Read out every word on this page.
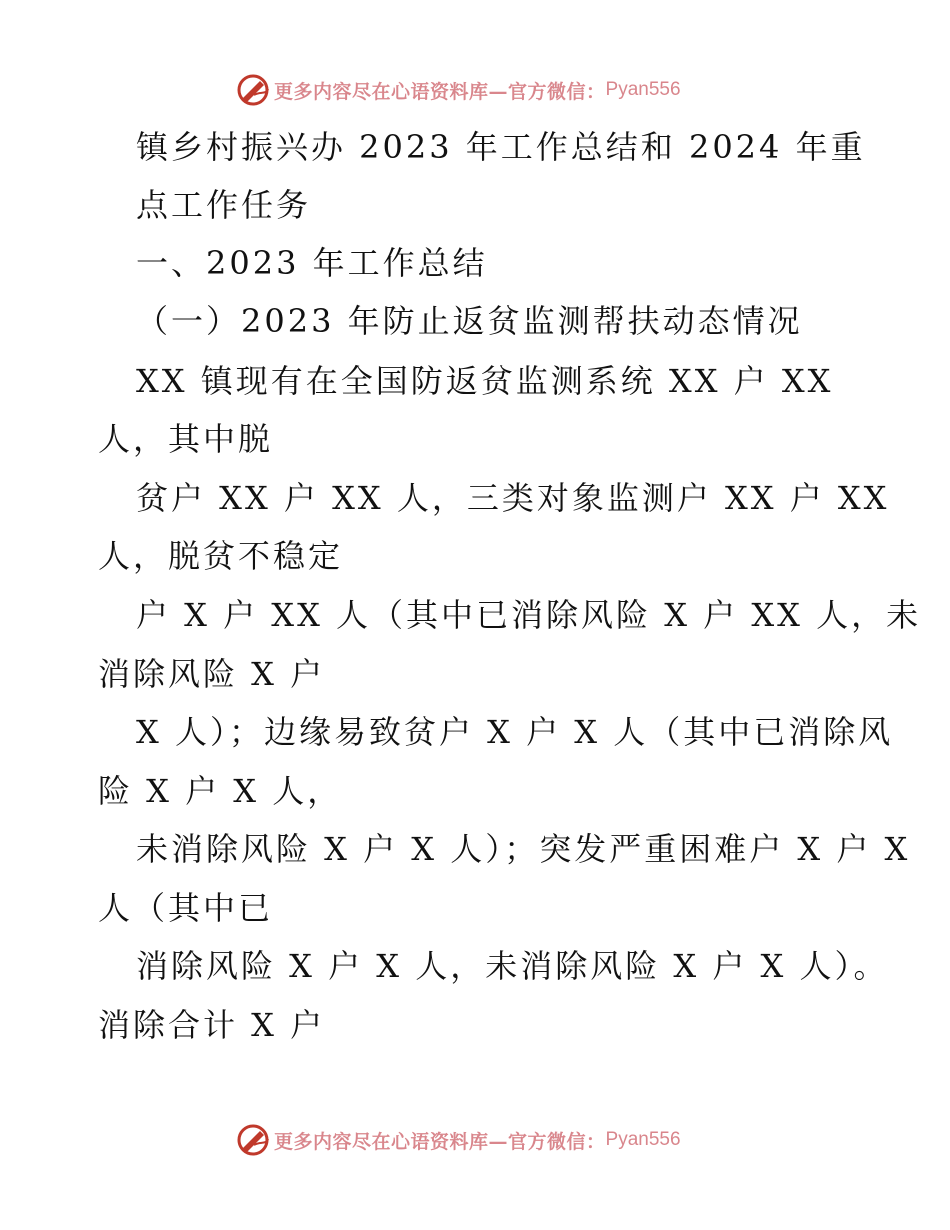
更多内容尽在心语资料库—官方微信： Pyan556
镇乡村振兴办 2023 年工作总结和 2024 年重
点工作任务
一、2023 年工作总结
（一）2023 年防止返贫监测帮扶动态情况
XX 镇现有在全国防返贫监测系统 XX 户 XX
人，其中脱
贫户 XX 户 XX 人，三类对象监测户 XX 户 XX
人，脱贫不稳定
户 X 户 XX 人（其中已消除风险 X 户 XX 人，未
消除风险 X 户
X 人）；边缘易致贫户 X 户 X 人（其中已消除风
险 X 户 X 人，
未消除风险 X 户 X 人）；突发严重困难户 X 户 X
人（其中已
消除风险 X 户 X 人，未消除风险 X 户 X 人）。
消除合计 X 户
更多内容尽在心语资料库—官方微信： Pyan556
